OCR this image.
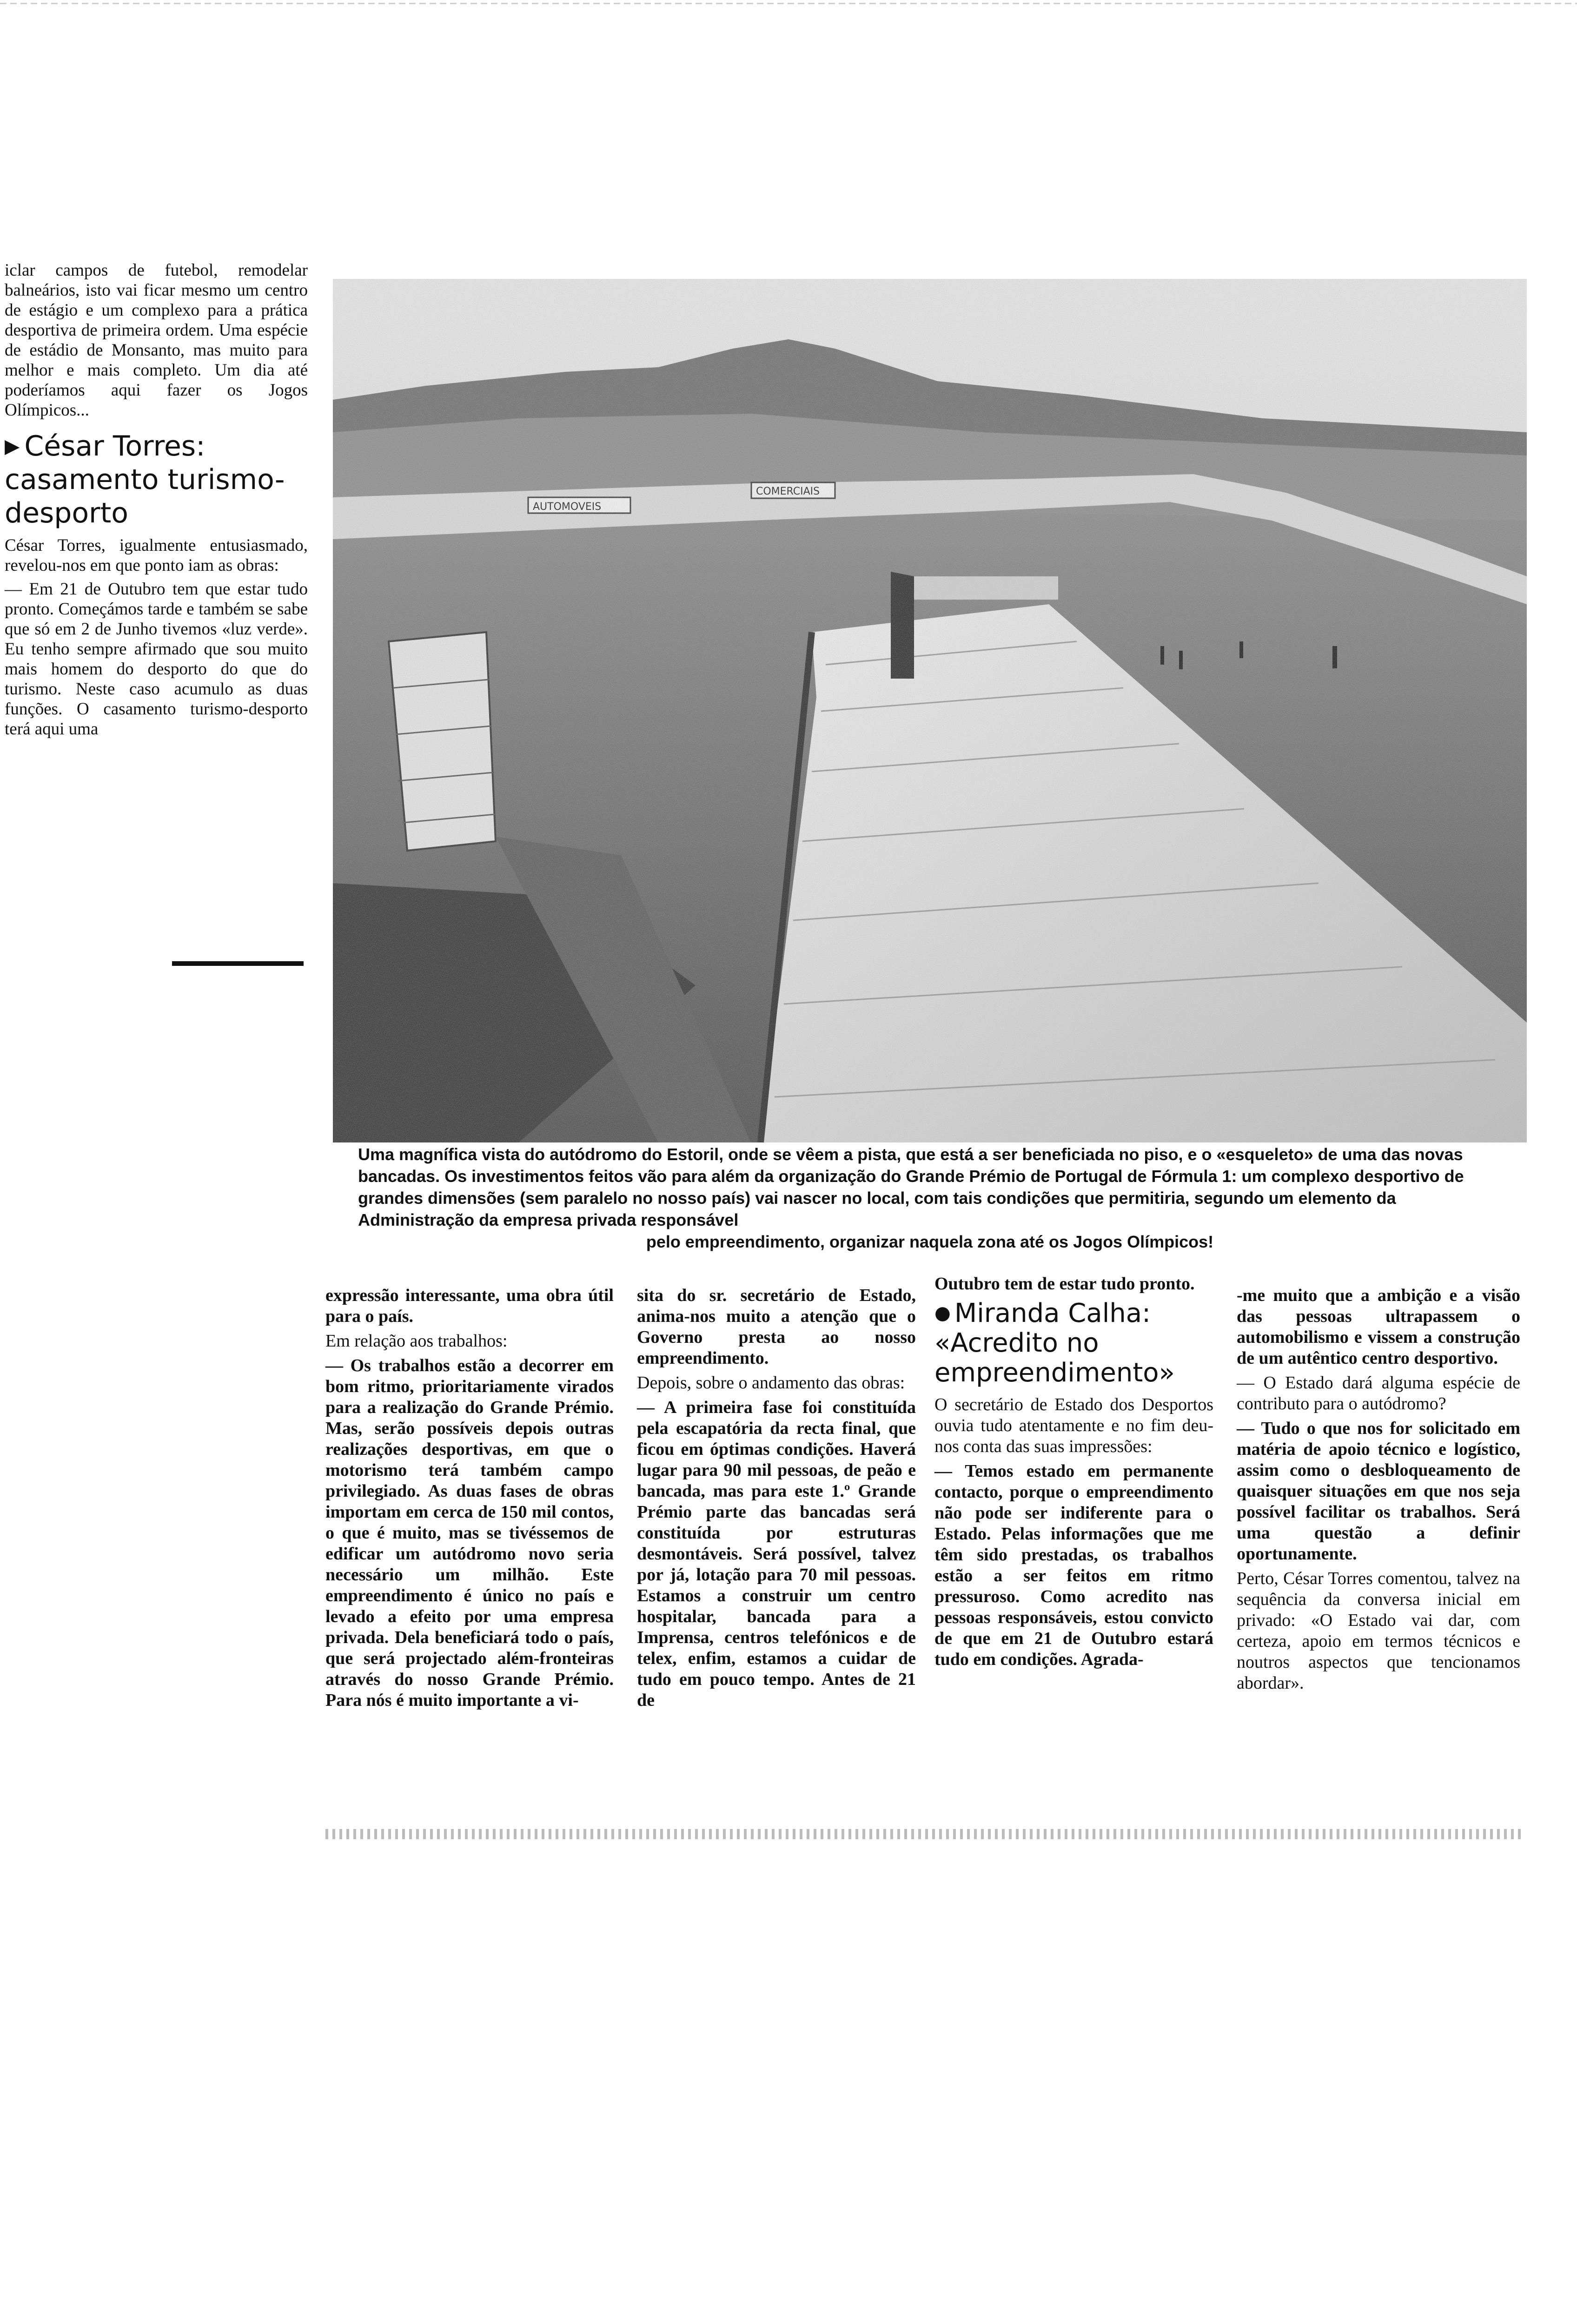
iclar campos de futebol, remodelar balneários, isto vai ficar mesmo um centro de estágio e um complexo para a prática desportiva de primeira ordem. Uma espécie de estádio de Monsanto, mas muito para melhor e mais completo. Um dia até poderíamos aqui fazer os Jogos Olímpicos...

▶ César Torres: casamento turismo-desporto

César Torres, igualmente entusiasmado, revelou-nos em que ponto iam as obras:

— Em 21 de Outubro tem que estar tudo pronto. Começámos tarde e também se sabe que só em 2 de Junho tivemos «luz verde». Eu tenho sempre afirmado que sou muito mais homem do desporto do que do turismo. Neste caso acumulo as duas funções. O casamento turismo-desporto terá aqui uma

Uma magnífica vista do autódromo do Estoril, onde se vêem a pista, que está a ser beneficiada no piso, e o «esqueleto» de uma das novas bancadas. Os investimentos feitos vão para além da organização do Grande Prémio de Portugal de Fórmula 1: um complexo desportivo de grandes dimensões (sem paralelo no nosso país) vai nascer no local, com tais condições que permitiria, segundo um elemento da Administração da empresa privada responsável
pelo empreendimento, organizar naquela zona até os Jogos Olímpicos!

expressão interessante, uma obra útil para o país.

Em relação aos trabalhos:

— Os trabalhos estão a decorrer em bom ritmo, prioritariamente virados para a realização do Grande Prémio. Mas, serão possíveis depois outras realizações desportivas, em que o motorismo terá também campo privilegiado. As duas fases de obras importam em cerca de 150 mil contos, o que é muito, mas se tivéssemos de edificar um autódromo novo seria necessário um milhão. Este empreendimento é único no país e levado a efeito por uma empresa privada. Dela beneficiará todo o país, que será projectado além-fronteiras através do nosso Grande Prémio. Para nós é muito importante a vi-

sita do sr. secretário de Estado, anima-nos muito a atenção que o Governo presta ao nosso empreendimento.

Depois, sobre o andamento das obras:

— A primeira fase foi constituída pela escapatória da recta final, que ficou em óptimas condições. Haverá lugar para 90 mil pessoas, de peão e bancada, mas para este 1.º Grande Prémio parte das bancadas será constituída por estruturas desmontáveis. Será possível, talvez por já, lotação para 70 mil pessoas. Estamos a construir um centro hospitalar, bancada para a Imprensa, centros telefónicos e de telex, enfim, estamos a cuidar de tudo em pouco tempo. Antes de 21 de

Outubro tem de estar tudo pronto.

● Miranda Calha: «Acredito no empreendimento»

O secretário de Estado dos Desportos ouvia tudo atentamente e no fim deu-nos conta das suas impressões:

— Temos estado em permanente contacto, porque o empreendimento não pode ser indiferente para o Estado. Pelas informações que me têm sido prestadas, os trabalhos estão a ser feitos em ritmo pressuroso. Como acredito nas pessoas responsáveis, estou convicto de que em 21 de Outubro estará tudo em condições. Agrada-

-me muito que a ambição e a visão das pessoas ultrapassem o automobilismo e vissem a construção de um autêntico centro desportivo.

— O Estado dará alguma espécie de contributo para o autódromo?

— Tudo o que nos for solicitado em matéria de apoio técnico e logístico, assim como o desbloqueamento de quaisquer situações em que nos seja possível facilitar os trabalhos. Será uma questão a definir oportunamente.

Perto, César Torres comentou, talvez na sequência da conversa inicial em privado: «O Estado vai dar, com certeza, apoio em termos técnicos e noutros aspectos que tencionamos abordar».
